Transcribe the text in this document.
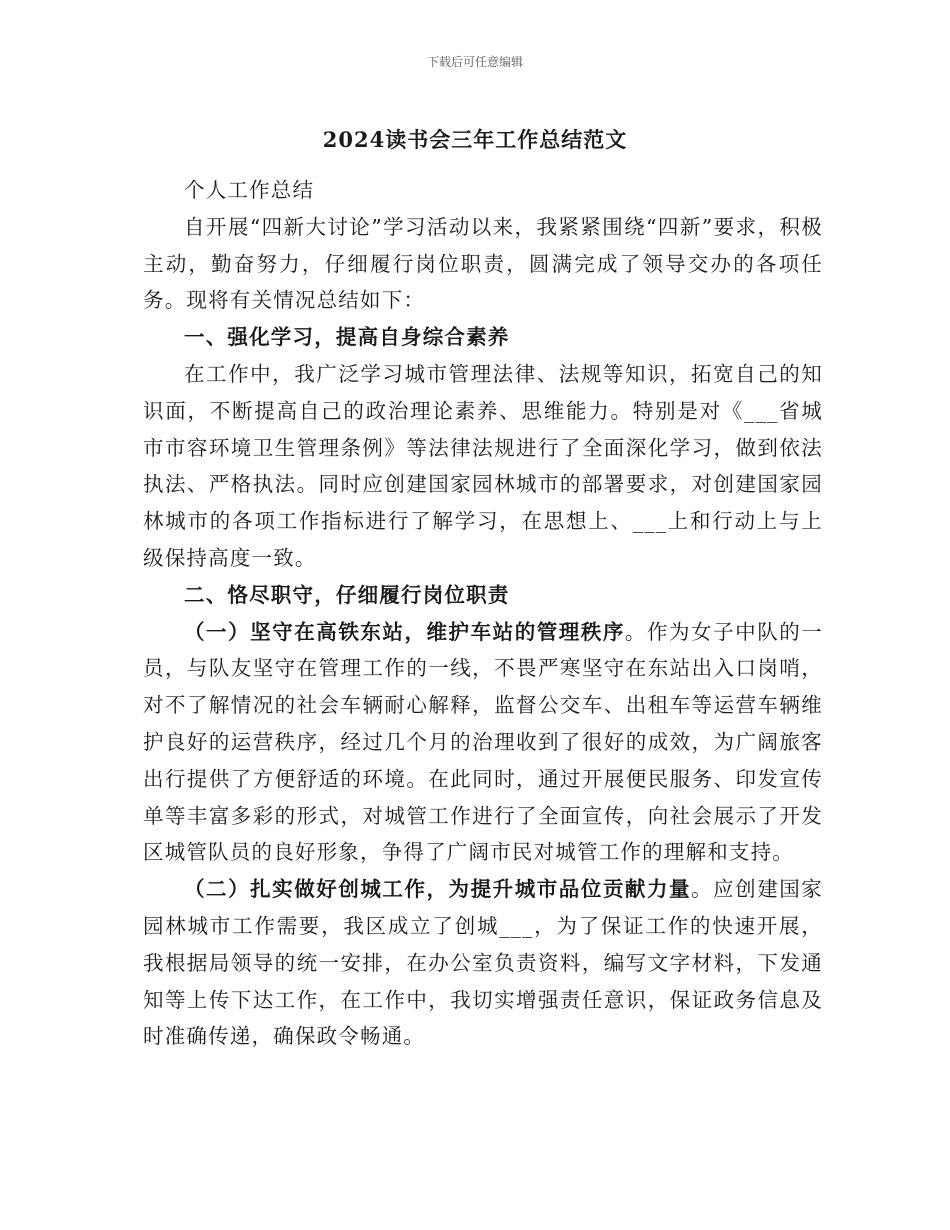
下载后可任意编辑
2024读书会三年工作总结范文

个人工作总结

自开展“四新大讨论”学习活动以来，我紧紧围绕“四新”要求，积极主动，勤奋努力，仔细履行岗位职责，圆满完成了领导交办的各项任务。现将有关情况总结如下：

一、强化学习，提高自身综合素养

在工作中，我广泛学习城市管理法律、法规等知识，拓宽自己的知识面，不断提高自己的政治理论素养、思维能力。特别是对《___省城市市容环境卫生管理条例》等法律法规进行了全面深化学习，做到依法执法、严格执法。同时应创建国家园林城市的部署要求，对创建国家园林城市的各项工作指标进行了解学习，在思想上、___上和行动上与上级保持高度一致。

二、恪尽职守，仔细履行岗位职责

（一）坚守在高铁东站，维护车站的管理秩序。作为女子中队的一员，与队友坚守在管理工作的一线，不畏严寒坚守在东站出入口岗哨，对不了解情况的社会车辆耐心解释，监督公交车、出租车等运营车辆维护良好的运营秩序，经过几个月的治理收到了很好的成效，为广阔旅客出行提供了方便舒适的环境。在此同时，通过开展便民服务、印发宣传单等丰富多彩的形式，对城管工作进行了全面宣传，向社会展示了开发区城管队员的良好形象，争得了广阔市民对城管工作的理解和支持。

（二）扎实做好创城工作，为提升城市品位贡献力量。应创建国家园林城市工作需要，我区成立了创城___，为了保证工作的快速开展，我根据局领导的统一安排，在办公室负责资料，编写文字材料，下发通知等上传下达工作，在工作中，我切实增强责任意识，保证政务信息及时准确传递，确保政令畅通。
